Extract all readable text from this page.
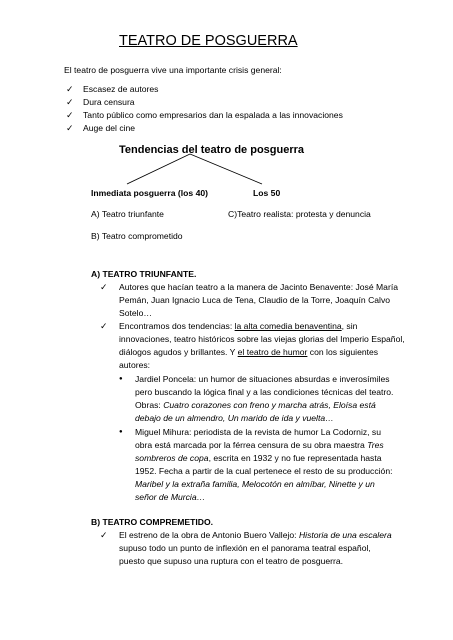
TEATRO DE POSGUERRA
El teatro de posguerra vive una importante crisis general:
✓ Escasez de autores
✓ Dura censura
✓ Tanto público como empresarios dan la espalada a las innovaciones
✓ Auge del cine
Tendencias del teatro de posguerra
Inmediata posguerra (los 40)	Los 50
A) Teatro triunfante	C)Teatro realista: protesta y denuncia
B) Teatro comprometido
A) TEATRO TRIUNFANTE.
✓ Autores que hacían teatro a la manera de Jacinto Benavente: José María
Pemán, Juan Ignacio Luca de Tena, Claudio de la Torre, Joaquín Calvo
Sotelo…
✓ Encontramos dos tendencias: la alta comedia benaventina, sin
innovaciones, teatro históricos sobre las viejas glorias del Imperio Español,
diálogos agudos y brillantes. Y el teatro de humor con los siguientes
autores:
● Jardiel Poncela: un humor de situaciones absurdas e inverosímiles
pero buscando la lógica final y a las condiciones técnicas del teatro.
Obras: Cuatro corazones con freno y marcha atrás, Eloísa está
debajo de un almendro, Un marido de ida y vuelta…
● Miguel Mihura: periodista de la revista de humor La Codorniz, su
obra está marcada por la férrea censura de su obra maestra Tres
sombreros de copa, escrita en 1932 y no fue representada hasta
1952. Fecha a partir de la cual pertenece el resto de su producción:
Maribel y la extraña familia, Melocotón en almíbar, Ninette y un
señor de Murcia…
B) TEATRO COMPREMETIDO.
✓ El estreno de la obra de Antonio Buero Vallejo: Historia de una escalera
supuso todo un punto de inflexión en el panorama teatral español,
puesto que supuso una ruptura con el teatro de posguerra.
